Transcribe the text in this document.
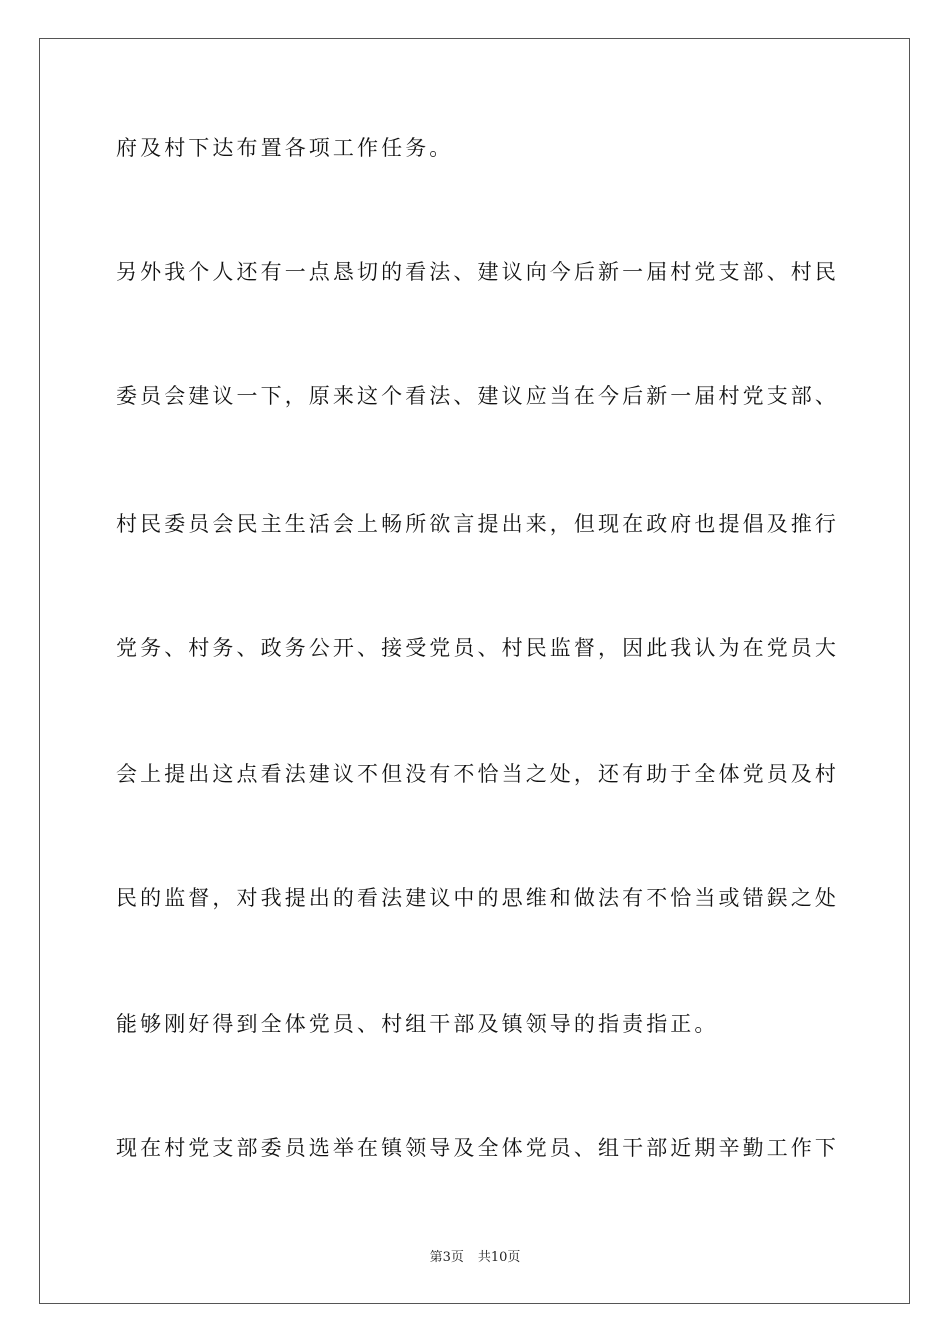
府及村下达布置各项工作任务。
另外我个人还有一点恳切的看法、建议向今后新一届村党支部、村民
委员会建议一下，原来这个看法、建议应当在今后新一届村党支部、
村民委员会民主生活会上畅所欲言提出来，但现在政府也提倡及推行
党务、村务、政务公开、接受党员、村民监督，因此我认为在党员大
会上提出这点看法建议不但没有不恰当之处，还有助于全体党员及村
民的监督，对我提出的看法建议中的思维和做法有不恰当或错鋘之处
能够刚好得到全体党员、村组干部及镇领导的指责指正。
现在村党支部委员选举在镇领导及全体党员、组干部近期辛勤工作下
第3页 共10页
